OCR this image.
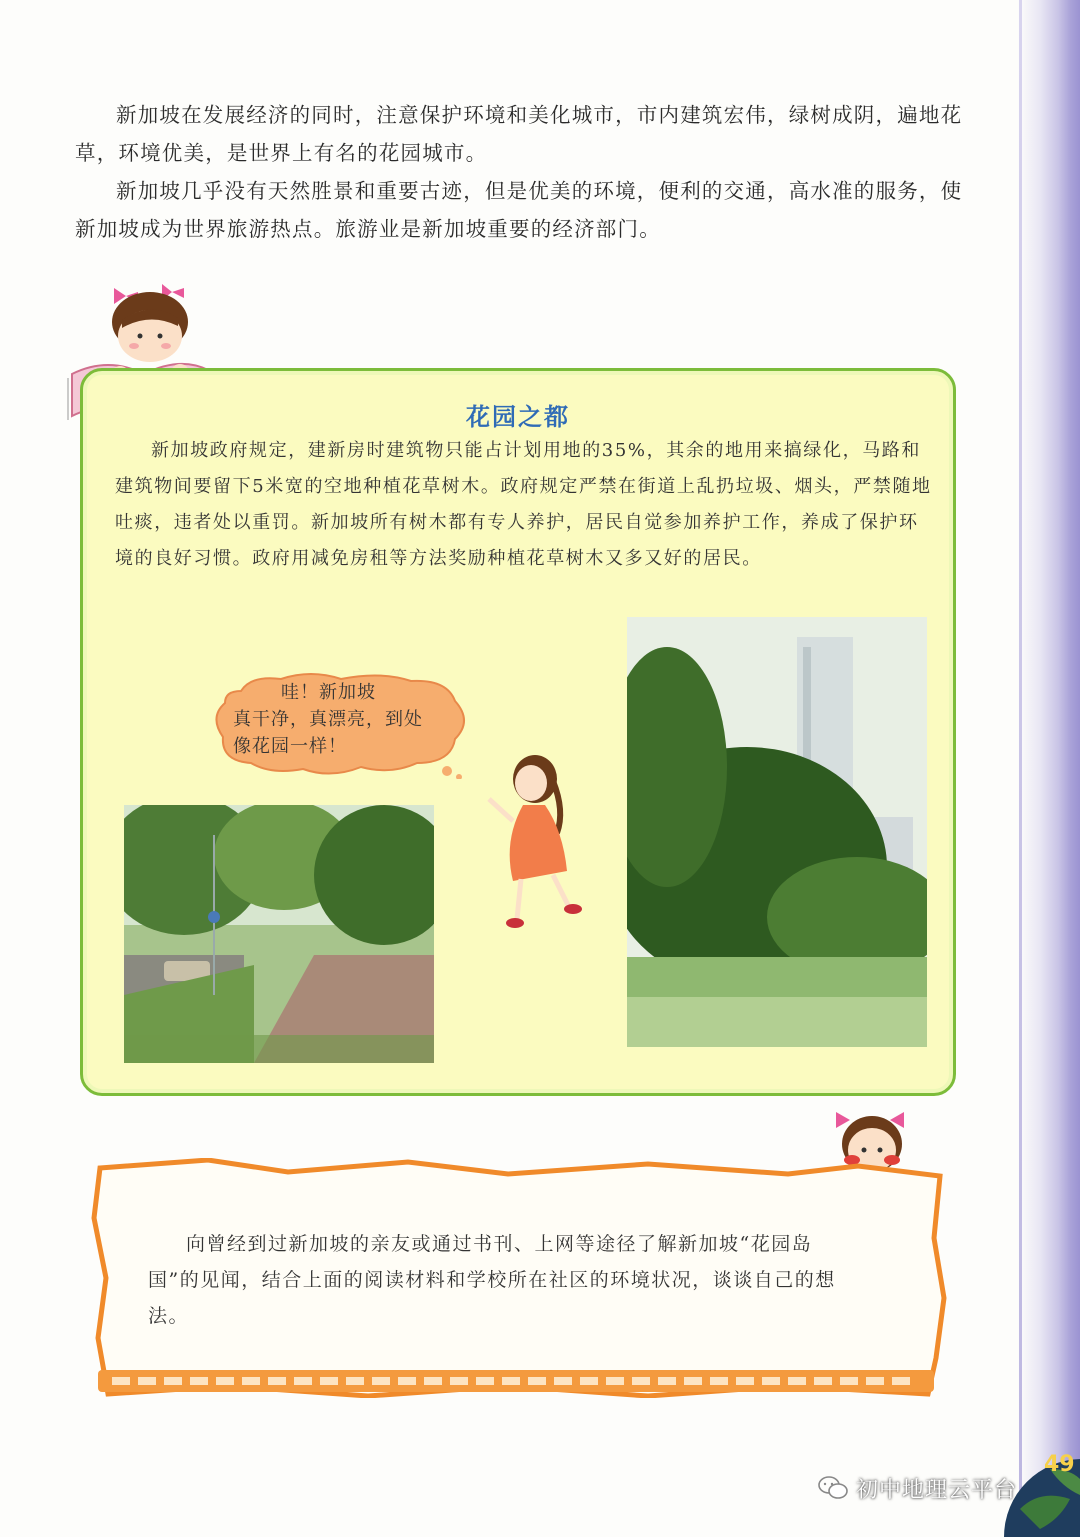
新加坡在发展经济的同时，注意保护环境和美化城市，市内建筑宏伟，绿树成阴，遍地花草，环境优美，是世界上有名的花园城市。

新加坡几乎没有天然胜景和重要古迹，但是优美的环境，便利的交通，高水准的服务，使新加坡成为世界旅游热点。旅游业是新加坡重要的经济部门。

花园之都
新加坡政府规定，建新房时建筑物只能占计划用地的35%，其余的地用来搞绿化，马路和建筑物间要留下5米宽的空地种植花草树木。政府规定严禁在街道上乱扔垃圾、烟头，严禁随地吐痰，违者处以重罚。新加坡所有树木都有专人养护，居民自觉参加养护工作，养成了保护环境的良好习惯。政府用减免房租等方法奖励种植花草树木又多又好的居民。
哇！新加坡
真干净，真漂亮，到处
像花园一样！
向曾经到过新加坡的亲友或通过书刊、上网等途径了解新加坡“花园岛国”的见闻，结合上面的阅读材料和学校所在社区的环境状况，谈谈自己的想法。
49
初中地理云平台
